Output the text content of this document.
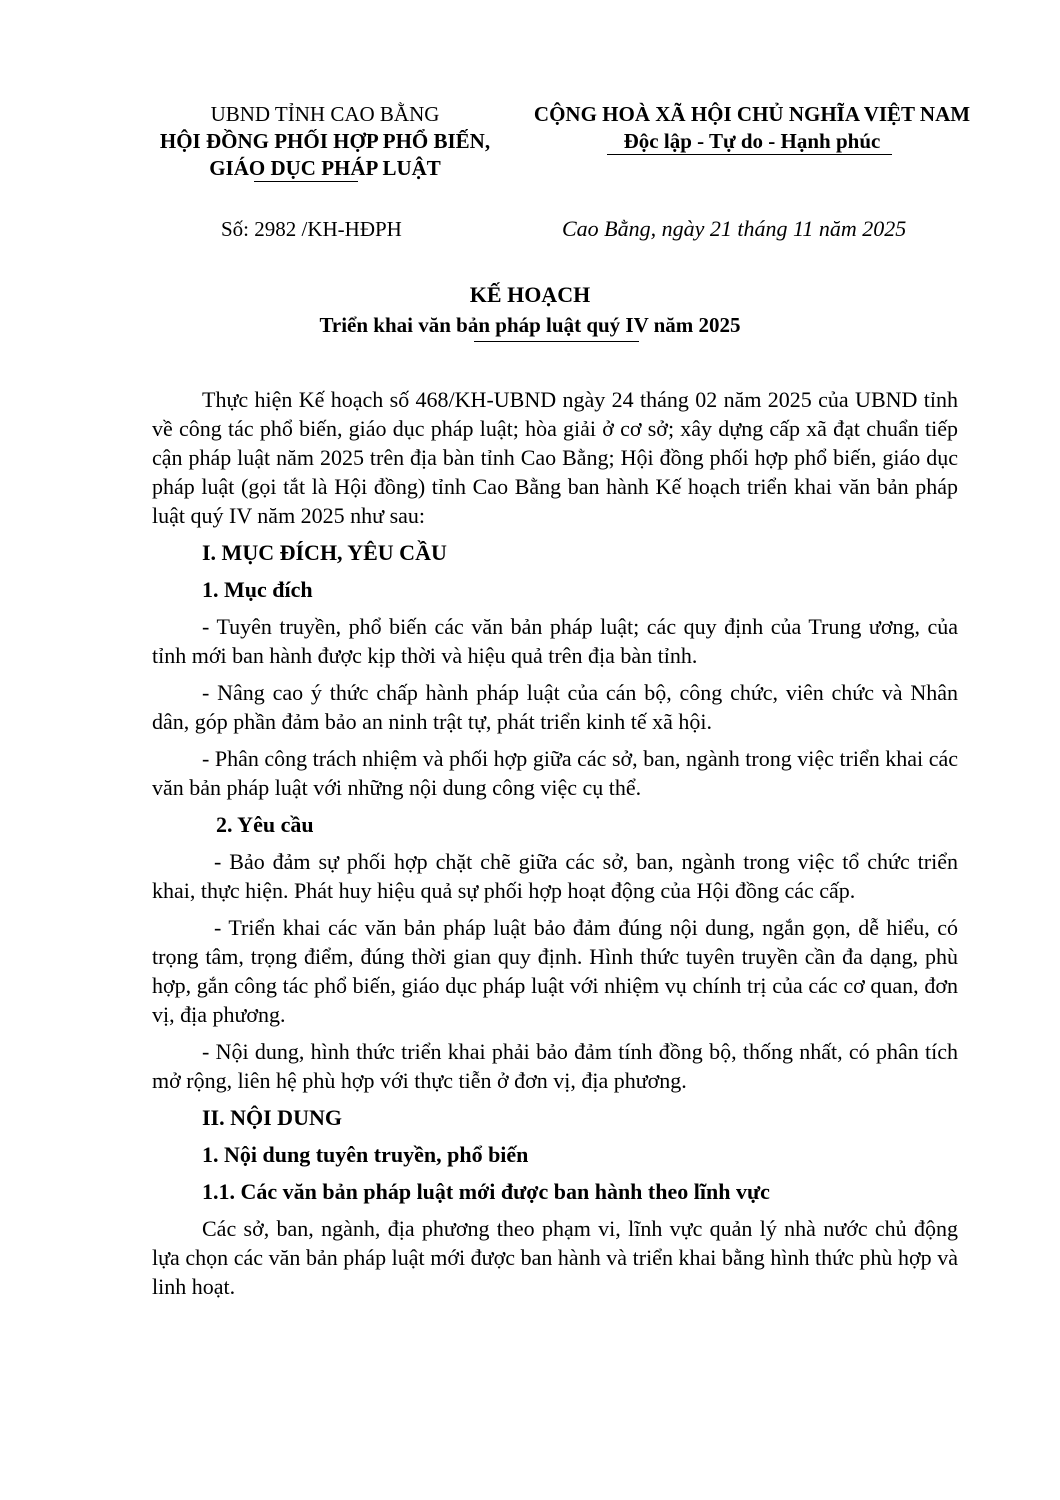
UBND TỈNH CAO BẰNG
HỘI ĐỒNG PHỐI HỢP PHỔ BIẾN,
GIÁO DỤC PHÁP LUẬT
CỘNG HOÀ XÃ HỘI CHỦ NGHĨA VIỆT NAM
Độc lập - Tự do - Hạnh phúc
Số: 2982 /KH-HĐPH	Cao Bằng, ngày 21 tháng 11 năm 2025
KẾ HOẠCH
Triển khai văn bản pháp luật quý IV năm 2025

Thực hiện Kế hoạch số 468/KH-UBND ngày 24 tháng 02 năm 2025 của UBND tỉnh về công tác phổ biến, giáo dục pháp luật; hòa giải ở cơ sở; xây dựng cấp xã đạt chuẩn tiếp cận pháp luật năm 2025 trên địa bàn tỉnh Cao Bằng; Hội đồng phối hợp phổ biến, giáo dục pháp luật (gọi tắt là Hội đồng) tỉnh Cao Bằng ban hành Kế hoạch triển khai văn bản pháp luật quý IV năm 2025 như sau:

I. MỤC ĐÍCH, YÊU CẦU

1. Mục đích

- Tuyên truyền, phổ biến các văn bản pháp luật; các quy định của Trung ương, của tỉnh mới ban hành được kịp thời và hiệu quả trên địa bàn tỉnh.

- Nâng cao ý thức chấp hành pháp luật của cán bộ, công chức, viên chức và Nhân dân, góp phần đảm bảo an ninh trật tự, phát triển kinh tế xã hội.

- Phân công trách nhiệm và phối hợp giữa các sở, ban, ngành trong việc triển khai các văn bản pháp luật với những nội dung công việc cụ thể.

2. Yêu cầu

- Bảo đảm sự phối hợp chặt chẽ giữa các sở, ban, ngành trong việc tổ chức triển khai, thực hiện. Phát huy hiệu quả sự phối hợp hoạt động của Hội đồng các cấp.

- Triển khai các văn bản pháp luật bảo đảm đúng nội dung, ngắn gọn, dễ hiểu, có trọng tâm, trọng điểm, đúng thời gian quy định. Hình thức tuyên truyền cần đa dạng, phù hợp, gắn công tác phổ biến, giáo dục pháp luật với nhiệm vụ chính trị của các cơ quan, đơn vị, địa phương.

- Nội dung, hình thức triển khai phải bảo đảm tính đồng bộ, thống nhất, có phân tích mở rộng, liên hệ phù hợp với thực tiễn ở đơn vị, địa phương.

II. NỘI DUNG

1. Nội dung tuyên truyền, phổ biến

1.1. Các văn bản pháp luật mới được ban hành theo lĩnh vực

Các sở, ban, ngành, địa phương theo phạm vi, lĩnh vực quản lý nhà nước chủ động lựa chọn các văn bản pháp luật mới được ban hành và triển khai bằng hình thức phù hợp và linh hoạt.
